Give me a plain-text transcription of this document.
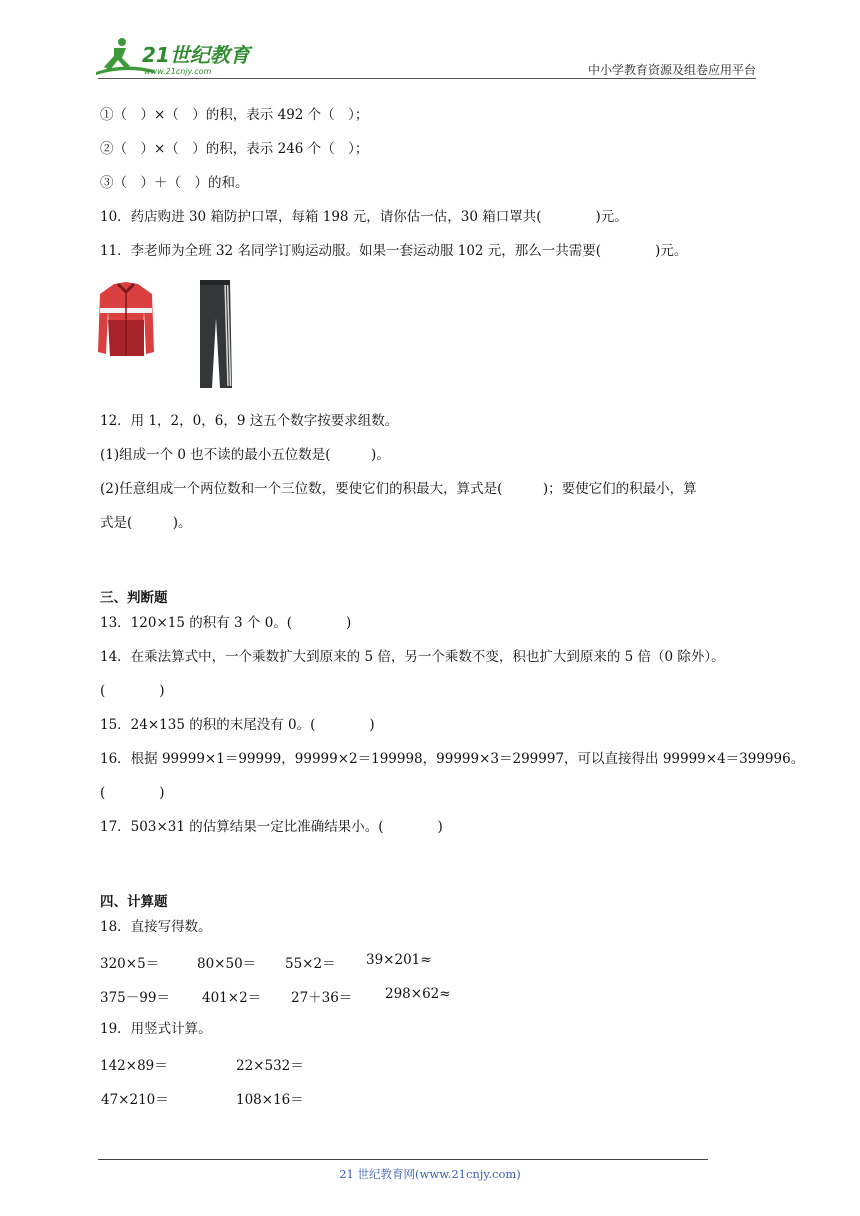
21世纪教育
www.21cnjy.com	中小学教育资源及组卷应用平台
①（　）×（　）的积，表示 492 个（　）；
②（　）×（　）的积，表示 246 个（　）；
③（　）＋（　）的和。
10．药店购进 30 箱防护口罩，每箱 198 元，请你估一估，30 箱口罩共(　　　　)元。
11．李老师为全班 32 名同学订购运动服。如果一套运动服 102 元，那么一共需要(　　　　)元。
12．用 1，2，0，6，9 这五个数字按要求组数。
(1)组成一个 0 也不读的最小五位数是(　　　)。
(2)任意组成一个两位数和一个三位数，要使它们的积最大，算式是(　　　)；要使它们的积最小，算
式是(　　　)。
三、判断题
13．120×15 的积有 3 个 0。(　　　　)
14．在乘法算式中，一个乘数扩大到原来的 5 倍，另一个乘数不变，积也扩大到原来的 5 倍（0 除外）。
(　　　　)
15．24×135 的积的末尾没有 0。(　　　　)
16．根据 99999×1＝99999，99999×2＝199998，99999×3＝299997，可以直接得出 99999×4＝399996。
(　　　　)
17．503×31 的估算结果一定比准确结果小。(　　　　)
四、计算题
18．直接写得数。
320×5＝	80×50＝ 55×2＝ 39×201≈
375－99＝ 401×2＝ 27＋36＝ 298×62≈
19．用竖式计算。
142×89＝	22×532＝
47×210＝	108×16＝
21 世纪教育网(www.21cnjy.com)
